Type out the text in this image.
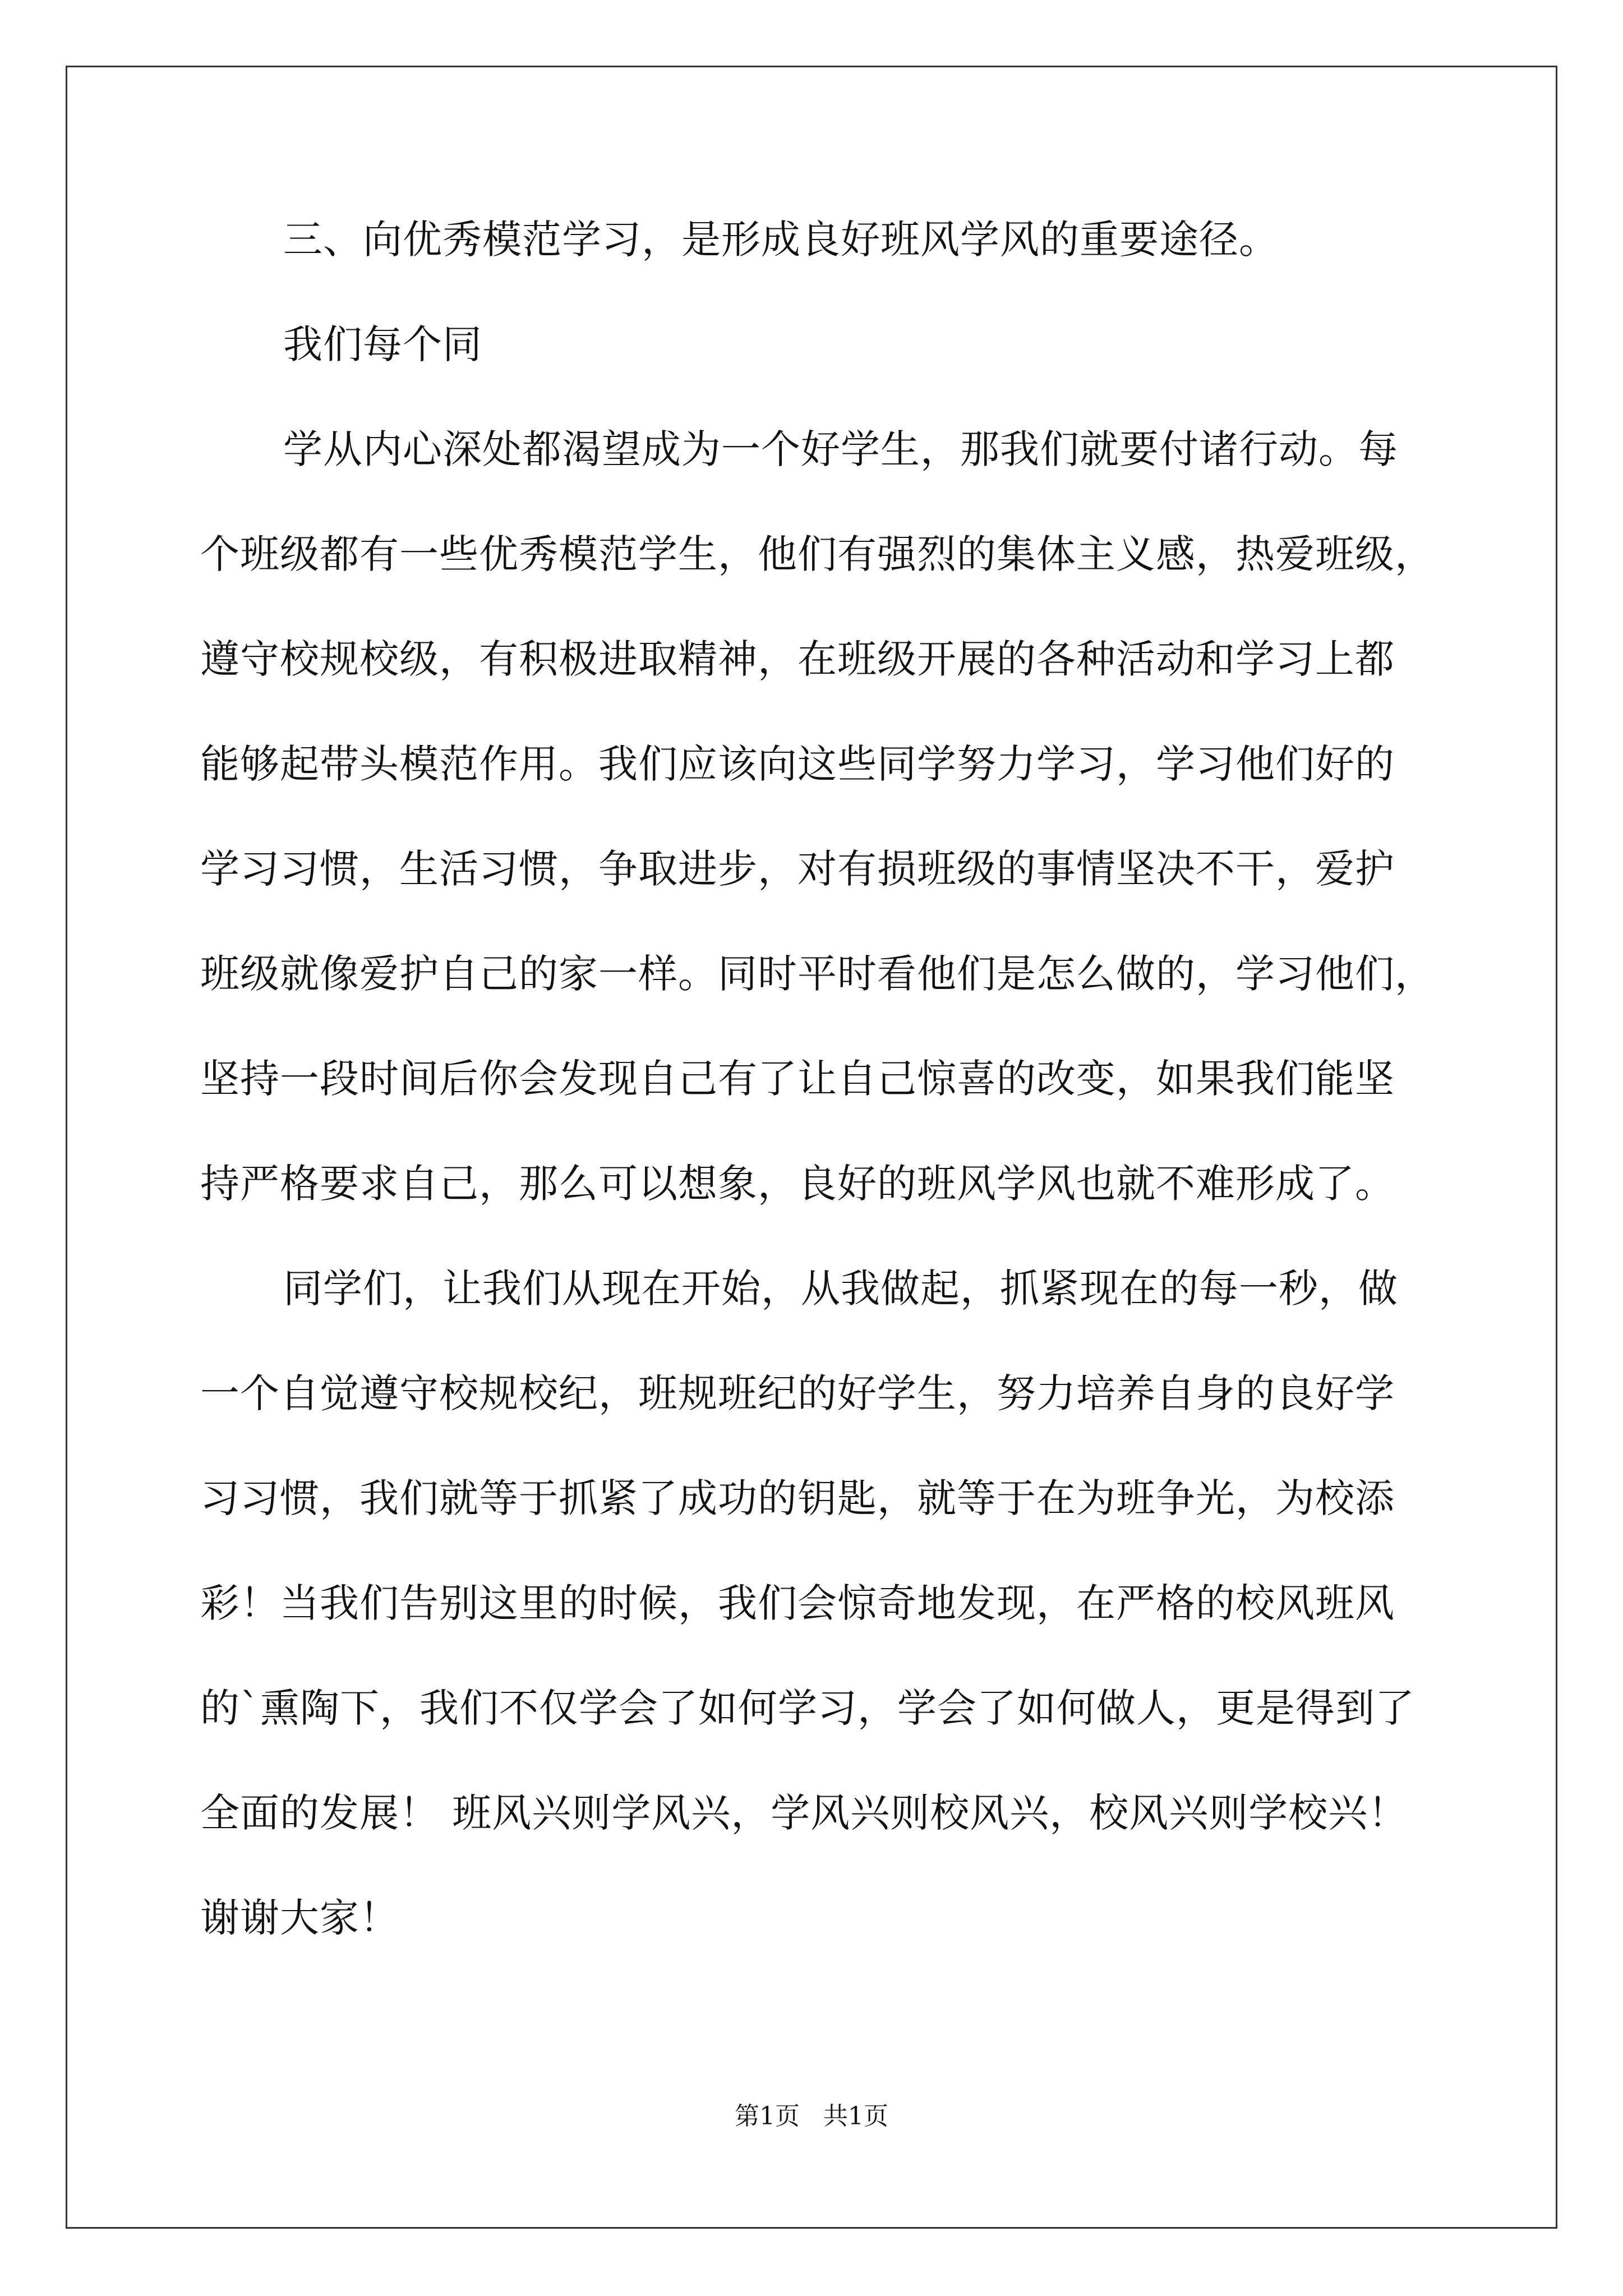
三、向优秀模范学习，是形成良好班风学风的重要途径。
我们每个同
学从内心深处都渴望成为一个好学生，那我们就要付诸行动。每
个班级都有一些优秀模范学生，他们有强烈的集体主义感，热爱班级，
遵守校规校级，有积极进取精神，在班级开展的各种活动和学习上都
能够起带头模范作用。我们应该向这些同学努力学习，学习他们好的
学习习惯，生活习惯，争取进步，对有损班级的事情坚决不干，爱护
班级就像爱护自己的家一样。同时平时看他们是怎么做的，学习他们，
坚持一段时间后你会发现自己有了让自己惊喜的改变，如果我们能坚
持严格要求自己，那么可以想象，良好的班风学风也就不难形成了。
同学们，让我们从现在开始，从我做起，抓紧现在的每一秒，做
一个自觉遵守校规校纪，班规班纪的好学生，努力培养自身的良好学
习习惯，我们就等于抓紧了成功的钥匙，就等于在为班争光，为校添
彩！当我们告别这里的时候，我们会惊奇地发现，在严格的校风班风
的`熏陶下，我们不仅学会了如何学习，学会了如何做人，更是得到了
全面的发展！ 班风兴则学风兴，学风兴则校风兴，校风兴则学校兴！
谢谢大家！
第1页   共1页
